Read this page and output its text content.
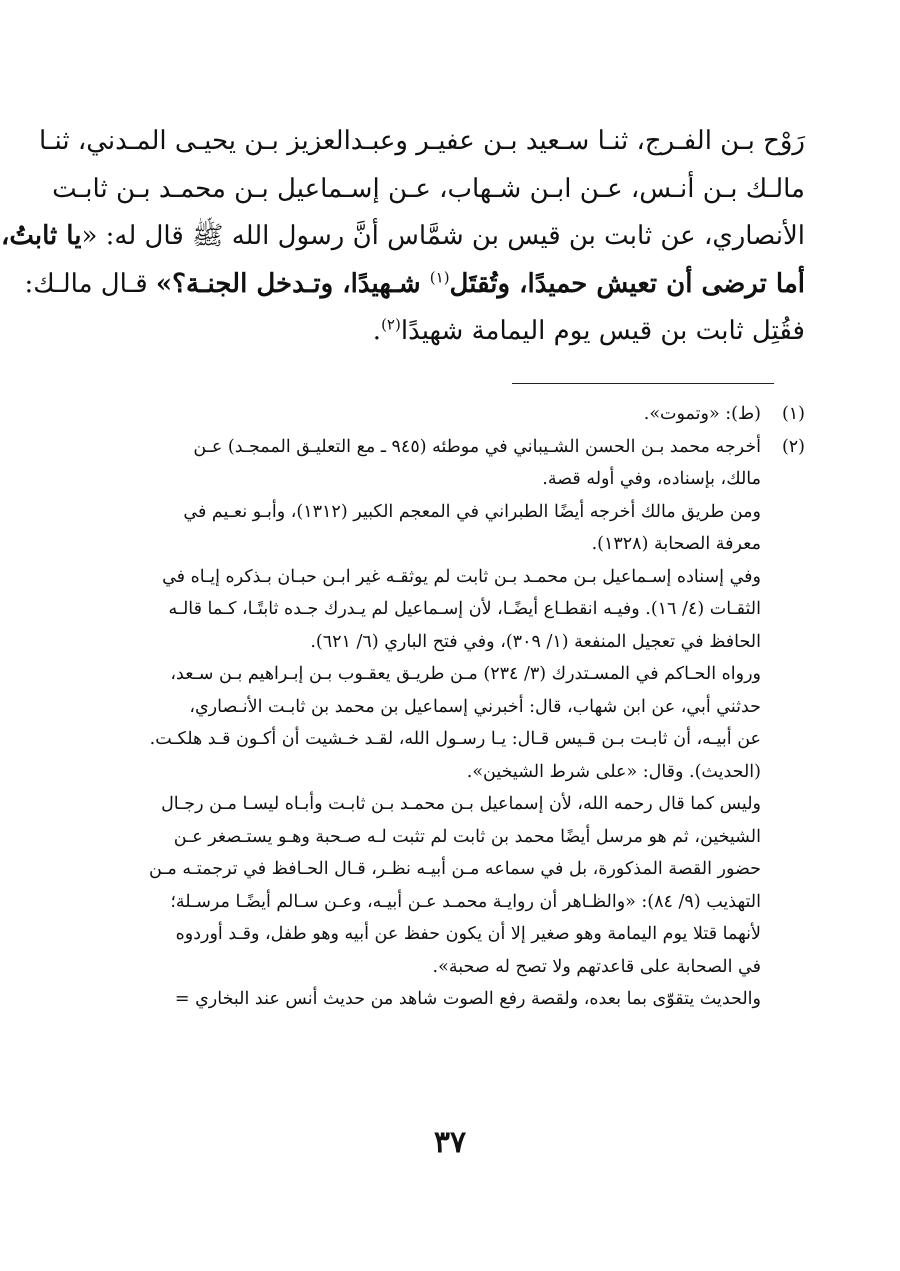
رَوْح بـن الفـرج، ثنـا سـعيد بـن عفيـر وعبـدالعزيز بـن يحيـى المـدني، ثنـا
مالـك بـن أنـس، عـن ابـن شـهاب، عـن إسـماعيل بـن محمـد بـن ثابـت
الأنصاري، عن ثابت بن قيس بن شمَّاس أنَّ رسول الله ﷺ قال له: «يا ثابتُ،
أما ترضى أن تعيش حميدًا، وتُقتَل$^{(١)}$ شـهيدًا، وتـدخل الجنـة؟» قـال مالـك:
فقُتِل ثابت بن قيس يوم اليمامة شهيدًا$^{(٢)}$.
(١)
(ط): «وتموت».
(٢)
أخرجه محمد بـن الحسن الشـيباني في موطئه (٩٤٥ ـ مع التعليـق الممجـد) عـن
مالك، بإسناده، وفي أوله قصة.
ومن طريق مالك أخرجه أيضًا الطبراني في المعجم الكبير (١٣١٢)، وأبـو نعـيم في
معرفة الصحابة (١٣٢٨).
وفي إسناده إسـماعيل بـن محمـد بـن ثابت لم يوثقـه غير ابـن حبـان بـذكره إيـاه في
الثقـات (٤/ ١٦). وفيـه انقطـاع أيضًـا، لأن إسـماعيل لم يـدرك جـده ثابتًـا، كـما قالـه
الحافظ في تعجيل المنفعة (١/ ٣٠٩)، وفي فتح الباري (٦/ ٦٢١).
ورواه الحـاكم في المسـتدرك (٣/ ٢٣٤) مـن طريـق يعقـوب بـن إبـراهيم بـن سـعد،
حدثني أبي، عن ابن شهاب، قال: أخبرني إسماعيل بن محمد بن ثابـت الأنـصاري،
عن أبيـه، أن ثابـت بـن قـيس قـال: يـا رسـول الله، لقـد خـشيت أن أكـون قـد هلكـت.
(الحديث). وقال: «على شرط الشيخين».
وليس كما قال رحمه الله، لأن إسماعيل بـن محمـد بـن ثابـت وأبـاه ليسـا مـن رجـال
الشيخين، ثم هو مرسل أيضًا محمد بن ثابت لم تثبت لـه صـحبة وهـو يستـصغر عـن
حضور القصة المذكورة، بل في سماعه مـن أبيـه نظـر، قـال الحـافظ في ترجمتـه مـن
التهذيب (٩/ ٨٤): «والظـاهر أن روايـة محمـد عـن أبيـه، وعـن سـالم أيضًـا مرسـلة؛
لأنهما قتلا يوم اليمامة وهو صغير إلا أن يكون حفظ عن أبيه وهو طفل، وقـد أوردوه
في الصحابة على قاعدتهم ولا تصح له صحبة».
والحديث يتقوّى بما بعده، ولقصة رفع الصوت شاهد من حديث أنس عند البخاري =
٣٧
